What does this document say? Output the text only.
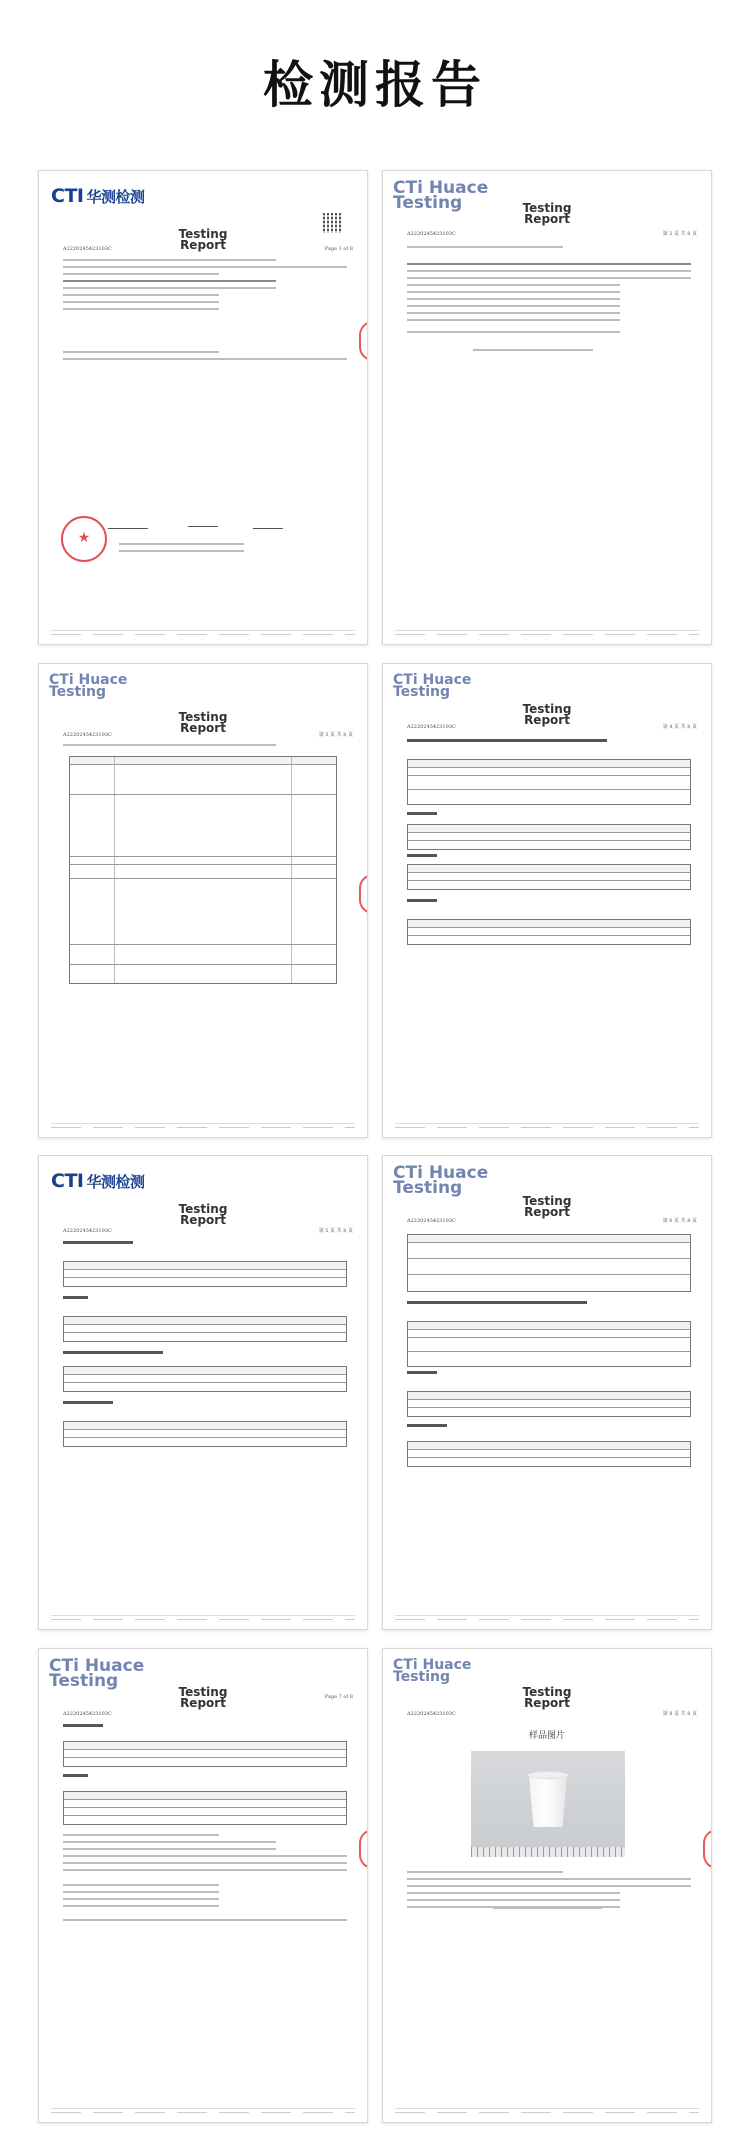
检测报告
CTI 华测检测
Testing
Report	Page 1 of 8
A2220245423103C
★
CTi Huace
Testing	Testing
Report
第 2 页 共 8 页
A2220245423103C
CTi Huace
Testing
Testing
Report	第 3 页 共 8 页
A2220245423103C
CTi Huace
Testing
Testing
Report	第 4 页 共 8 页
A2220245423103C
CTI 华测检测
Testing
Report
第 5 页 共 8 页
A2220245423103C
CTi Huace
Testing
Testing
Report
第 6 页 共 8 页
A2220245423103C
CTi Huace
Testing
Testing
Report	Page 7 of 8
A2220245423103C
CTi Huace
Testing
Testing
Report
第 8 页 共 8 页
A2220245423103C
样品图片
